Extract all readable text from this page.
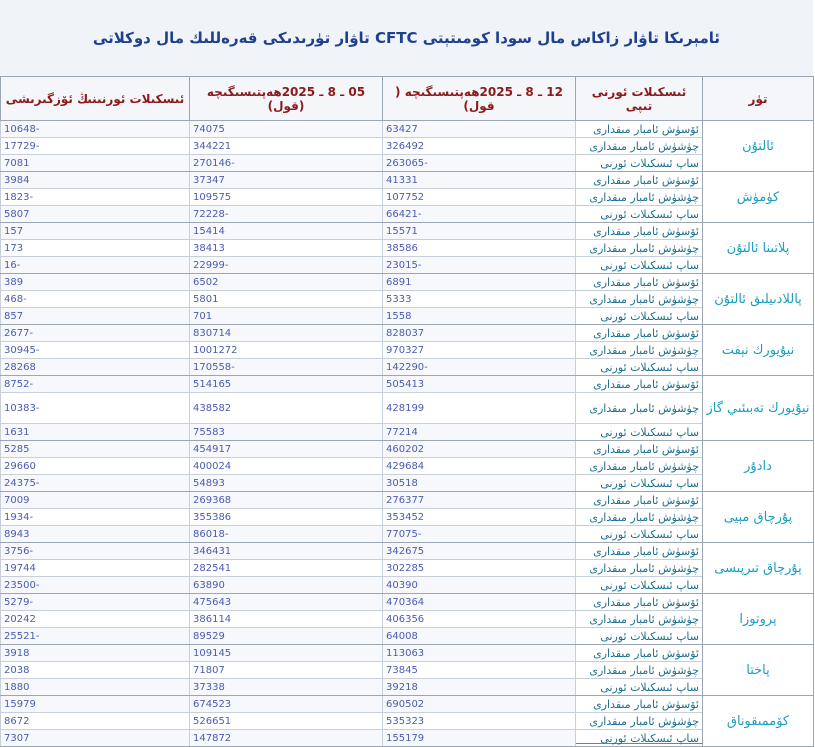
ئامېرىكا تاۋار زاكاس مال سودا كومىتېتى CFTC تاۋار تۈرىدىكى قەرەللىك مال دوكلاتى
تۈر	ئىسكىلات ئورنى تىپى	12 ـ 8 ـ 2025ھەپتىسىگىچە ( قول)	05 ـ 8 ـ 2025ھەپتىسىگىچە (قول)	ئىسكىلات ئورنىنىڭ ئۆزگىرىشى
ئالتۇن	ئۆسۈش ئامبار مىقدارى	63427	74075	-10648
	چۈشۈش ئامبار مىقدارى	326492	344221	-17729
	ساپ ئىسكىلات ئورنى	-263065	-270146	7081
كۈمۈش	ئۆسۈش ئامبار مىقدارى	41331	37347	3984
	چۈشۈش ئامبار مىقدارى	107752	109575	-1823
	ساپ ئىسكىلات ئورنى	-66421	-72228	5807
پلاتىنا ئالتۇن	ئۆسۈش ئامبار مىقدارى	15571	15414	157
	چۈشۈش ئامبار مىقدارى	38586	38413	173
	ساپ ئىسكىلات ئورنى	-23015	-22999	-16
پاللادىيلىق ئالتۇن	ئۆسۈش ئامبار مىقدارى	6891	6502	389
	چۈشۈش ئامبار مىقدارى	5333	5801	-468
	ساپ ئىسكىلات ئورنى	1558	701	857
نيۇيورك نېفت	ئۆسۈش ئامبار مىقدارى	828037	830714	-2677
	چۈشۈش ئامبار مىقدارى	970327	1001272	-30945
	ساپ ئىسكىلات ئورنى	-142290	-170558	28268
نيۇيورك تەبىئىي گاز	ئۆسۈش ئامبار مىقدارى	505413	514165	-8752
	چۈشۈش ئامبار مىقدارى	428199	438582	-10383
	ساپ ئىسكىلات ئورنى	77214	75583	1631
دادۇر	ئۆسۈش ئامبار مىقدارى	460202	454917	5285
	چۈشۈش ئامبار مىقدارى	429684	400024	29660
	ساپ ئىسكىلات ئورنى	30518	54893	-24375
پۇرچاق مېيى	ئۆسۈش ئامبار مىقدارى	276377	269368	7009
	چۈشۈش ئامبار مىقدارى	353452	355386	-1934
	ساپ ئىسكىلات ئورنى	-77075	-86018	8943
پۇرچاق تىرپىسى	ئۆسۈش ئامبار مىقدارى	342675	346431	-3756
	چۈشۈش ئامبار مىقدارى	302285	282541	19744
	ساپ ئىسكىلات ئورنى	40390	63890	-23500
پروتوزا	ئۆسۈش ئامبار مىقدارى	470364	475643	-5279
	چۈشۈش ئامبار مىقدارى	406356	386114	20242
	ساپ ئىسكىلات ئورنى	64008	89529	-25521
پاختا	ئۆسۈش ئامبار مىقدارى	113063	109145	3918
	چۈشۈش ئامبار مىقدارى	73845	71807	2038
	ساپ ئىسكىلات ئورنى	39218	37338	1880
كۆممىقوناق	ئۆسۈش ئامبار مىقدارى	690502	674523	15979
	چۈشۈش ئامبار مىقدارى	535323	526651	8672
	ساپ ئىسكىلات ئورنى	155179	147872	7307
